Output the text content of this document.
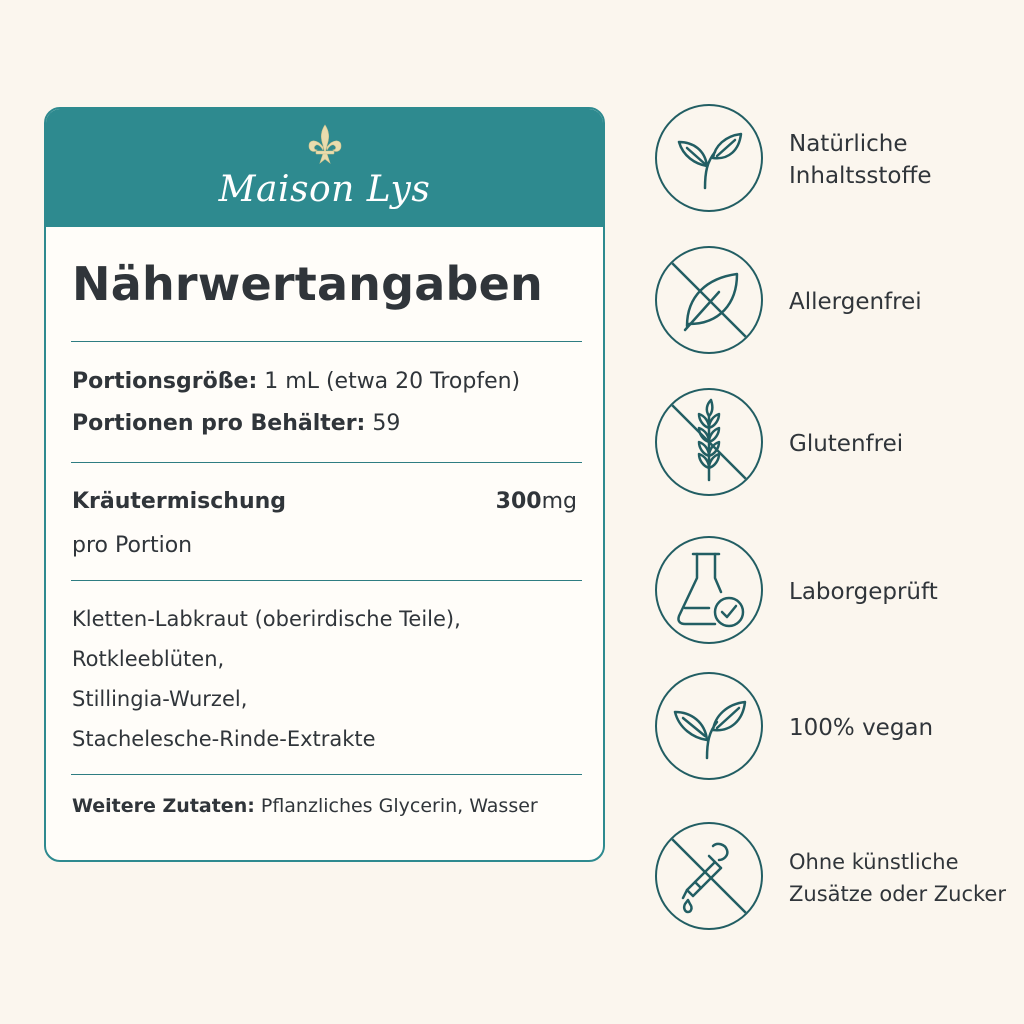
Maison Lys
Nährwertangaben
Portionsgröße: 1 mL (etwa 20 Tropfen)
Portionen pro Behälter: 59
Kräutermischung	300mg
pro Portion
Kletten-Labkraut (oberirdische Teile),
Rotkleeblüten,
Stillingia-Wurzel,
Stachelesche-Rinde-Extrakte
Weitere Zutaten: Pflanzliches Glycerin, Wasser
Natürliche
Inhaltsstoffe
Allergenfrei
Glutenfrei
Laborgeprüft
100% vegan
Ohne künstliche
Zusätze oder Zucker
